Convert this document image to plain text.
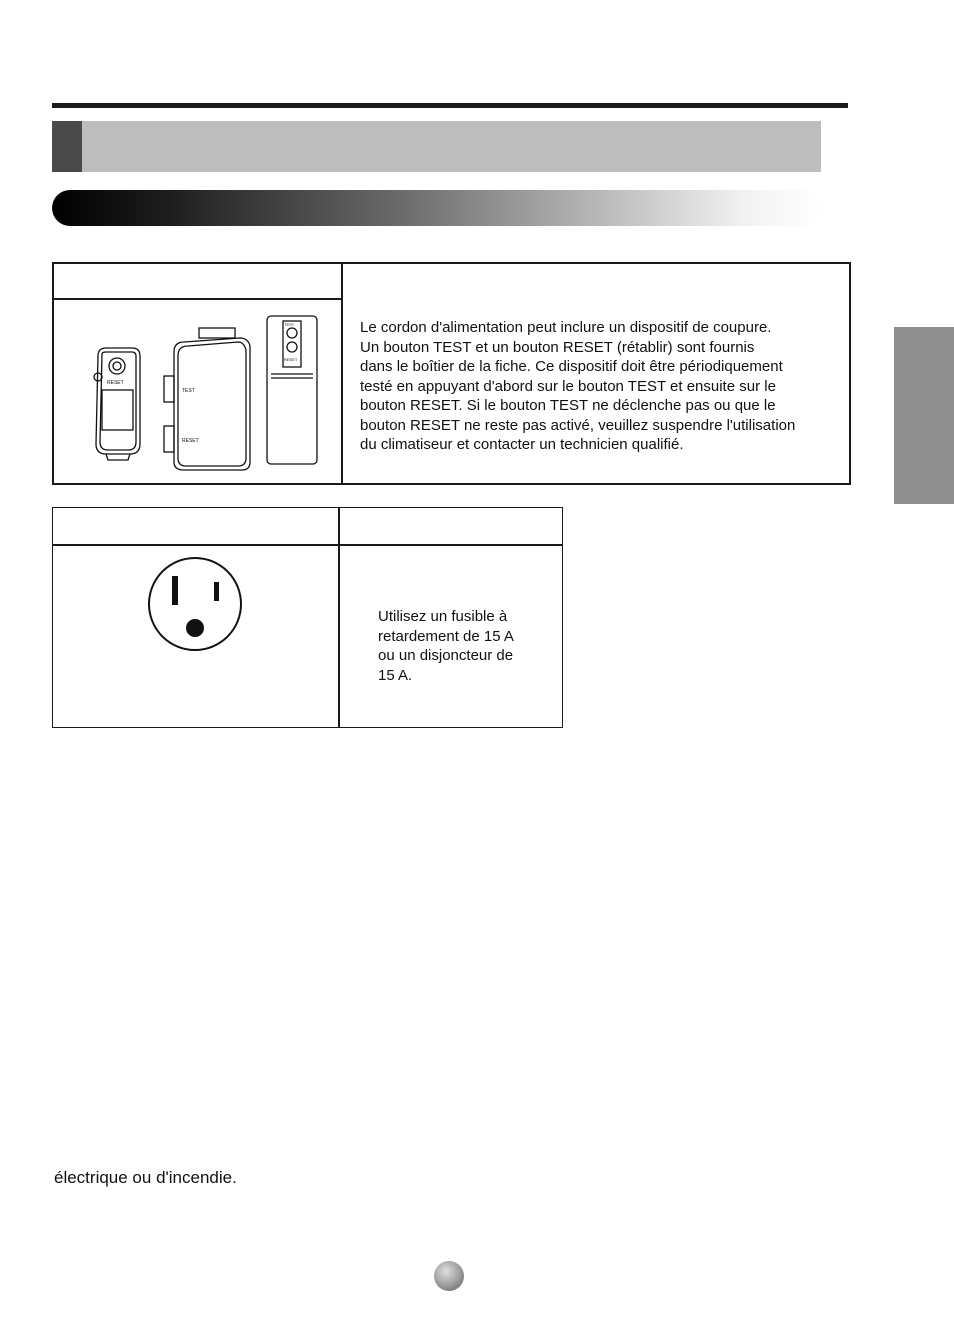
RESET
TEST
RESET
TEST
RESET
Le cordon d'alimentation peut inclure un dispositif de coupure.
Un bouton TEST et un bouton RESET (rétablir) sont fournis
dans le boîtier de la fiche. Ce dispositif doit être périodiquement
testé en appuyant d'abord sur le bouton TEST et ensuite sur le
bouton RESET. Si le bouton TEST ne déclenche pas ou que le
bouton RESET ne reste pas activé, veuillez suspendre l'utilisation
du climatiseur et contacter un technicien qualifié.
Utilisez un fusible à
retardement de 15 A
ou un disjoncteur de
15 A.
électrique ou d'incendie.
